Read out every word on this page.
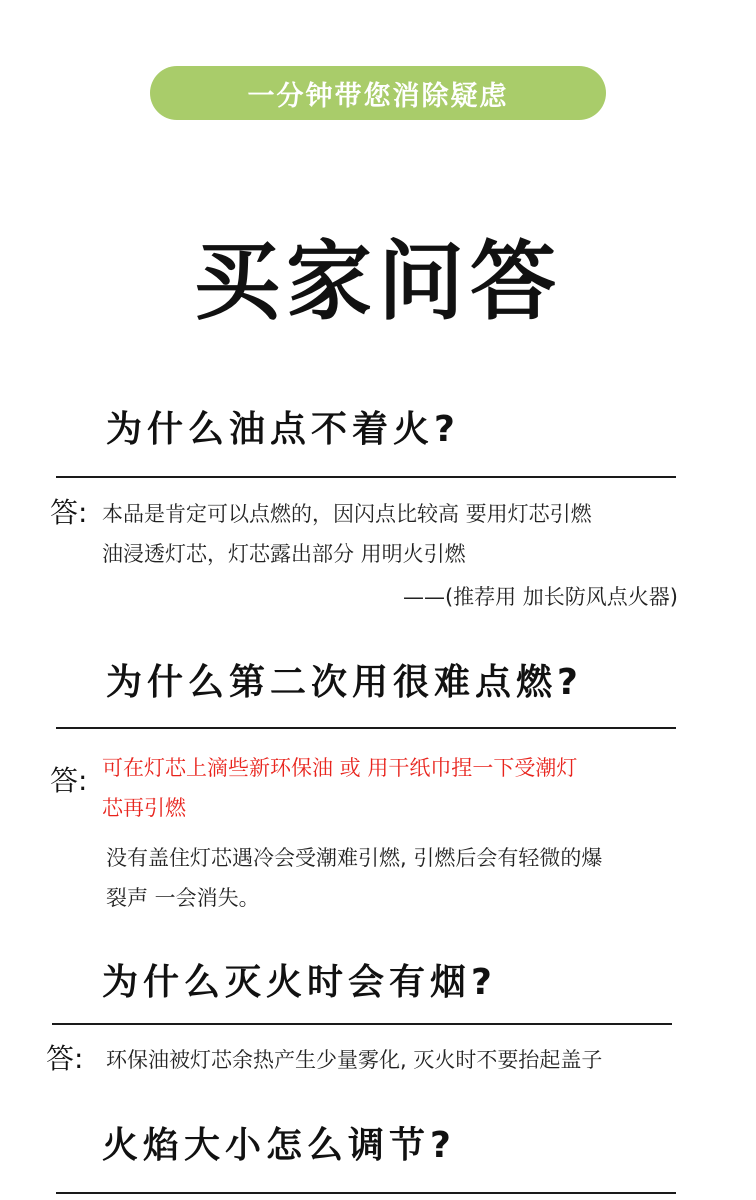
一分钟带您消除疑虑
买家问答
为什么油点不着火?
答: 本品是肯定可以点燃的，因闪点比较高 要用灯芯引燃
油浸透灯芯，灯芯露出部分 用明火引燃
——(推荐用 加长防风点火器)
为什么第二次用很难点燃?
答: 可在灯芯上滴些新环保油 或 用干纸巾捏一下受潮灯
芯再引燃
没有盖住灯芯遇冷会受潮难引燃, 引燃后会有轻微的爆
裂声 一会消失。
为什么灭火时会有烟?
答: 环保油被灯芯余热产生少量雾化, 灭火时不要抬起盖子
火焰大小怎么调节?
